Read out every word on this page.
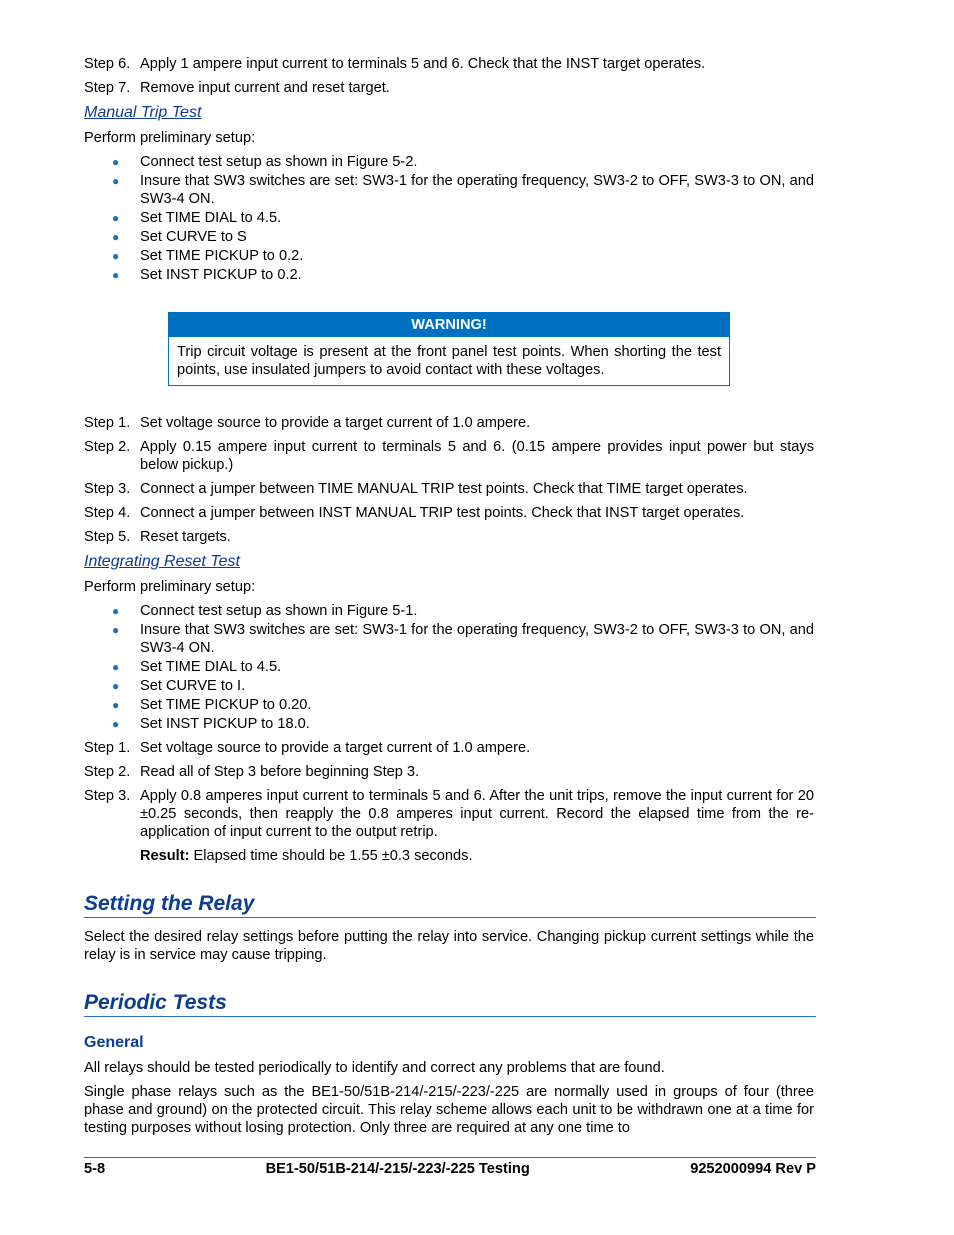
Step 6. Apply 1 ampere input current to terminals 5 and 6. Check that the INST target operates.
Step 7. Remove input current and reset target.
Manual Trip Test
Perform preliminary setup:
●	Connect test setup as shown in Figure 5-2.
●	Insure that SW3 switches are set: SW3-1 for the operating frequency, SW3-2 to OFF, SW3-3 to ON, and SW3-4 ON.
●	Set TIME DIAL to 4.5.
●	Set CURVE to S
●	Set TIME PICKUP to 0.2.
●	Set INST PICKUP to 0.2.
WARNING!
Trip circuit voltage is present at the front panel test points. When shorting the test points, use insulated jumpers to avoid contact with these voltages.
Step 1. Set voltage source to provide a target current of 1.0 ampere.
Step 2. Apply 0.15 ampere input current to terminals 5 and 6. (0.15 ampere provides input power but stays below pickup.)
Step 3. Connect a jumper between TIME MANUAL TRIP test points. Check that TIME target operates.
Step 4. Connect a jumper between INST MANUAL TRIP test points. Check that INST target operates.
Step 5. Reset targets.
Integrating Reset Test
Perform preliminary setup:
●	Connect test setup as shown in Figure 5-1.
●	Insure that SW3 switches are set: SW3-1 for the operating frequency, SW3-2 to OFF, SW3-3 to ON, and SW3-4 ON.
●	Set TIME DIAL to 4.5.
●	Set CURVE to I.
●	Set TIME PICKUP to 0.20.
●	Set INST PICKUP to 18.0.
Step 1. Set voltage source to provide a target current of 1.0 ampere.
Step 2. Read all of Step 3 before beginning Step 3.
Step 3. Apply 0.8 amperes input current to terminals 5 and 6. After the unit trips, remove the input current for 20 ±0.25 seconds, then reapply the 0.8 amperes input current. Record the elapsed time from the re-application of input current to the output retrip.
Result: Elapsed time should be 1.55 ±0.3 seconds.
Setting the Relay
Select the desired relay settings before putting the relay into service. Changing pickup current settings while the relay is in service may cause tripping.
Periodic Tests
General
All relays should be tested periodically to identify and correct any problems that are found.
Single phase relays such as the BE1-50/51B-214/-215/-223/-225 are normally used in groups of four (three phase and ground) on the protected circuit. This relay scheme allows each unit to be withdrawn one at a time for testing purposes without losing protection. Only three are required at any one time to
5-8	BE1-50/51B-214/-215/-223/-225 Testing	9252000994 Rev P
